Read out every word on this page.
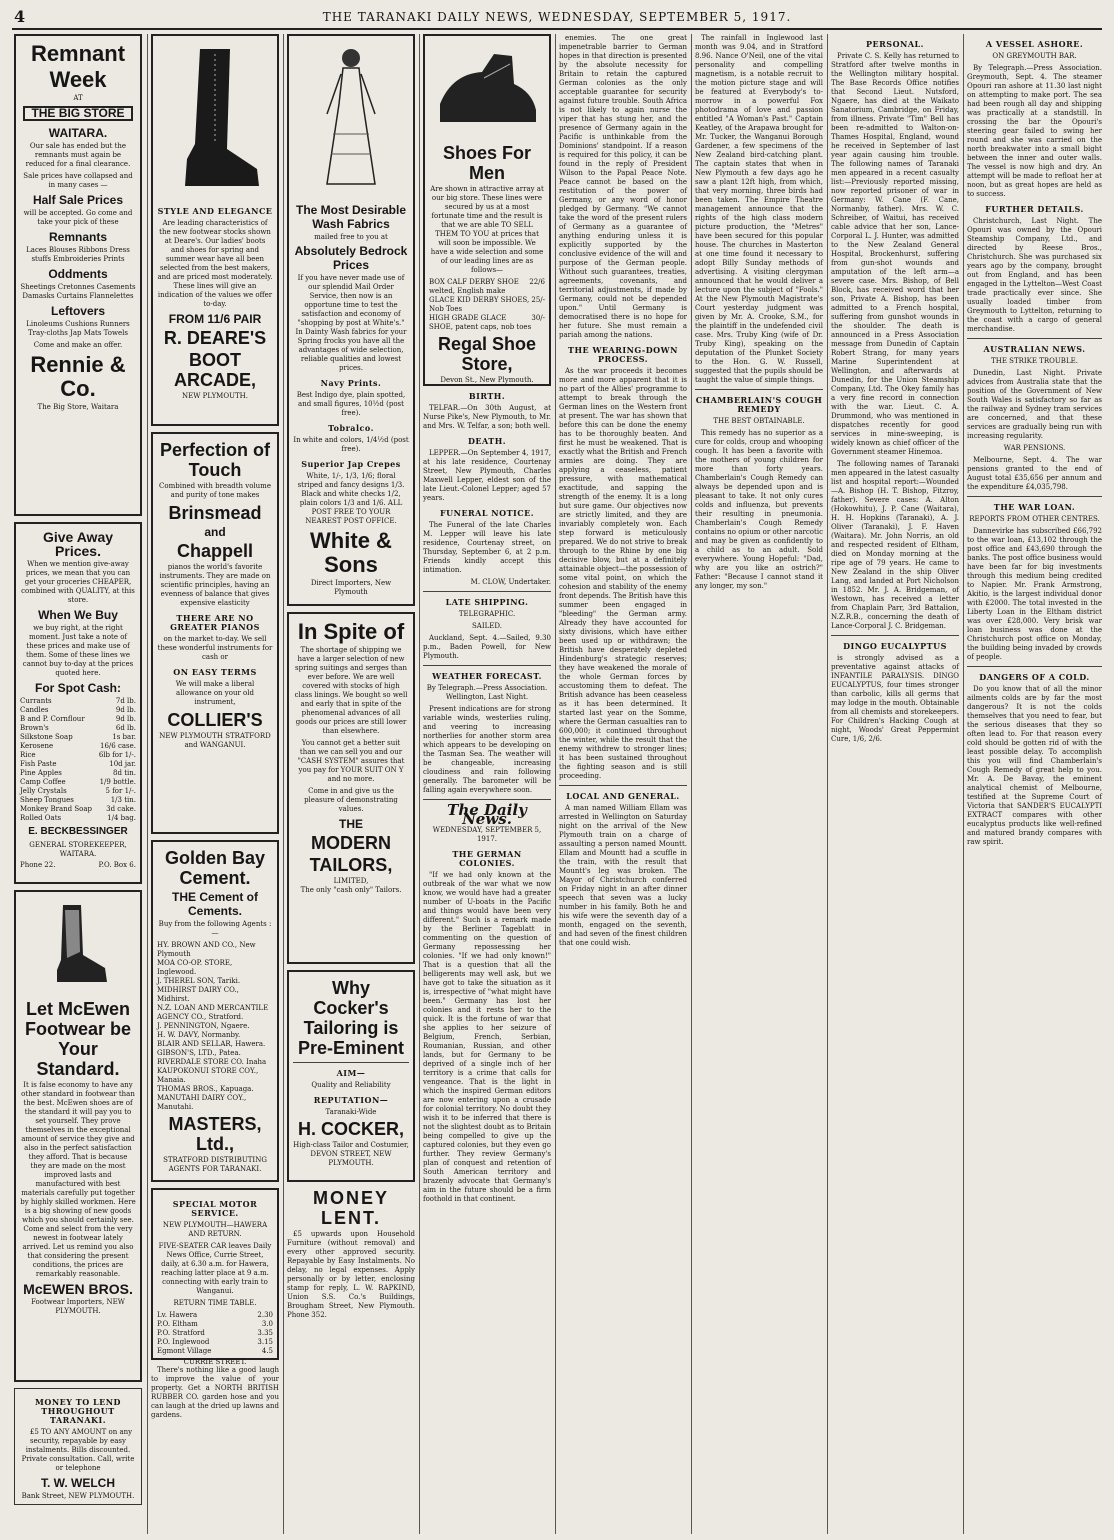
4	THE TARANAKI DAILY NEWS, WEDNESDAY, SEPTEMBER 5, 1917.
Remnant
Week
AT
THE BIG STORE
WAITARA.

Our sale has ended but the remnants must again be reduced for a final clearance.

Sale prices have collapsed and in many cases —

Half Sale Prices

will be accepted. Go come and take your pick of these

Remnants

Laces Blouses Ribbons Dress stuffs Embroideries Prints

Oddments

Sheetings Cretonnes Casements Damasks Curtains Flannelettes

Leftovers

Linoleums Cushions Runners Tray-cloths Jap Mats Towels

Come and make an offer.

Rennie & Co.
The Big Store, Waitara
Give Away Prices.

When we mention give-away prices, we mean that you can get your groceries CHEAPER, combined with QUALITY, at this store.

When We Buy

we buy right, at the right moment. Just take a note of these prices and make use of them. Some of these lines we cannot buy to-day at the prices quoted here.

For Spot Cash:
Currants	7d lb.
Candles	9d lb.
B and P. Cornflour	9d lb.
Brown's	6d lb.
Silkstone Soap	1s bar.
Kerosene	16/6 case.
Rice	6lb for 1/-.
Fish Paste	10d jar.
Pine Apples	8d tin.
Camp Coffee	1/9 bottle.
Jelly Crystals	5 for 1/-.
Sheep Tongues	1/3 tin.
Monkey Brand Soap 3d cake.
Rolled Oats	1/4 bag.
E. BECKBESSINGER
GENERAL STOREKEEPER, WAITARA.
Phone 22.	P.O. Box 6.
Let McEwen Footwear be Your Standard.

It is false economy to have any other standard in footwear than the best. McEwen shoes are of the standard it will pay you to set yourself. They prove themselves in the exceptional amount of service they give and also in the perfect satisfaction they afford. That is because they are made on the most improved lasts and manufactured with best materials carefully put together by highly skilled workmen. Here is a big showing of new goods which you should certainly see. Come and select from the very newest in footwear lately arrived. Let us remind you also that considering the present conditions, the prices are remarkably reasonable.

McEWEN BROS.
Footwear Importers, NEW PLYMOUTH.
MONEY TO LEND THROUGHOUT TARANAKI.

£5 TO ANY AMOUNT on any security, repayable by easy instalments. Bills discounted. Private consultation. Call, write or telephone

T. W. WELCH
Bank Street, NEW PLYMOUTH.
STYLE AND ELEGANCE

Are leading characteristics of the new footwear stocks shown at Deare's. Our ladies' boots and shoes for spring and summer wear have all been selected from the best makers, and are priced most moderately. These lines will give an indication of the values we offer to-day.

FROM 11/6 PAIR
R. DEARE'S
BOOT ARCADE,
NEW PLYMOUTH.
Perfection of Touch

Combined with breadth volume and purity of tone makes

Brinsmead
and
Chappell

pianos the world's favorite instruments. They are made on scientific principles, having an evenness of balance that gives expensive elasticity

THERE ARE NO GREATER PIANOS

on the market to-day. We sell these wonderful instruments for cash or

ON EASY TERMS

We will make a liberal allowance on your old instrument,

COLLIER'S
NEW PLYMOUTH STRATFORD and WANGANUI.
Golden Bay Cement.
THE Cement of Cements.

Buy from the following Agents :—

HY. BROWN AND CO., New Plymouth
MOA CO-OP. STORE, Inglewood.
J. THEREL SON, Tariki.
MIDHIRST DAIRY CO., Midhirst.
N.Z. LOAN AND MERCANTILE AGENCY CO., Stratford.
J. PENNINGTON, Ngaere.
H. W. DAVY, Normanby.
BLAIR AND SELLAR, Hawera.
GIBSON'S, LTD., Patea.
RIVERDALE STORE CO. Inaha
KAUPOKONUI STORE COY., Manaia.
THOMAS BROS., Kapuaga.
MANUTAHI DAIRY COY., Manutahi.
MASTERS, Ltd.,
STRATFORD DISTRIBUTING AGENTS FOR TARANAKI.
SPECIAL MOTOR SERVICE.
NEW PLYMOUTH—HAWERA AND RETURN.

FIVE-SEATER CAR leaves Daily News Office, Currie Street, daily, at 6.30 a.m. for Hawera, reaching latter place at 9 a.m. connecting with early train to Wanganui.

RETURN TIME TABLE.
Lv. Hawera	2.30
P.O. Eltham	3.0
P.O. Stratford	3.35
P.O. Inglewood	3.15
Egmont Village	4.5
CURRIE STREET.

There's nothing like a good laugh to improve the value of your property. Get a NORTH BRITISH RUBBER CO. garden hose and you can laugh at the dried up lawns and gardens.

The Most Desirable Wash Fabrics
mailed free to you at
Absolutely Bedrock Prices

If you have never made use of our splendid Mail Order Service, then now is an opportune time to test the satisfaction and economy of "shopping by post at White's." In Dainty Wash fabrics for your Spring frocks you have all the advantages of wide selection, reliable qualities and lowest prices.

Navy Prints.

Best Indigo dye, plain spotted, and small figures, 10½d (post free).

Tobralco.

In white and colors, 1/4½d (post free).

Superior Jap Crepes

White, 1/-, 1/3, 1/6; floral striped and fancy designs 1/3. Black and white checks 1/2, plain colors 1/3 and 1/6. ALL POST FREE TO YOUR NEAREST POST OFFICE.

White & Sons
Direct Importers, New Plymouth
In Spite of

The shortage of shipping we have a larger selection of new spring suitings and serges than ever before. We are well covered with stocks of high class linings. We bought so well and early that in spite of the phenomenal advances of all goods our prices are still lower than elsewhere.

You cannot get a better suit than we can sell you and our "CASH SYSTEM" assures that you pay for YOUR SUIT ON Y and no more.

Come in and give us the pleasure of demonstrating values.

THE
MODERN
TAILORS,
LIMITED,
The only "cash only" Tailors.
Why Cocker's Tailoring is Pre-Eminent
AIM—
Quality and Reliability
REPUTATION—
Taranaki-Wide
H. COCKER,
High-class Tailor and Costumier, DEVON STREET, NEW PLYMOUTH.
MONEY LENT.

£5 upwards upon Household Furniture (without removal) and every other approved security. Repayable by Easy Instalments. No delay, no legal expenses. Apply personally or by letter, enclosing stamp for reply, L. W. RAPKIND, Union S.S. Co.'s Buildings, Brougham Street, New Plymouth. Phone 352.

Shoes For Men

Are shown in attractive array at our big store. These lines were secured by us at a most fortunate time and the result is that we are able TO SELL THEM TO YOU at prices that will soon be impossible. We have a wide selection and some of our leading lines are as follows—

BOX CALF DERBY SHOE welted, English make
22/6
GLACE KID DERBY SHOES, Nob Toes
25/-
HIGH GRADE GLACE SHOE, patent caps, nob toes
30/-
Regal Shoe Store,
Devon St., New Plymouth.
BIRTH.

TELFAR.—On 30th August, at Nurse Pike's, New Plymouth, to Mr. and Mrs. W. Telfar, a son; both well.

DEATH.

LEPPER.—On September 4, 1917, at his late residence, Courtenay Street, New Plymouth, Charles Maxwell Lepper, eldest son of the late Lieut.-Colonel Lepper; aged 57 years.

FUNERAL NOTICE.

The Funeral of the late Charles M. Lepper will leave his late residence, Courtenay street, on Thursday, September 6, at 2 p.m. Friends kindly accept this intimation.

M. CLOW, Undertaker.
LATE SHIPPING.
TELEGRAPHIC.
SAILED.

Auckland, Sept. 4.—Sailed, 9.30 p.m., Baden Powell, for New Plymouth.

WEATHER FORECAST.
By Telegraph.—Press Association. Wellington, Last Night.

Present indications are for strong variable winds, westerlies ruling, and veering to increasing northerlies for another storm area which appears to be developing on the Tasman Sea. The weather will be changeable, increasing cloudiness and rain following generally. The barometer will be falling again everywhere soon.

The Daily News.
WEDNESDAY, SEPTEMBER 5, 1917.
THE GERMAN COLONIES.

"If we had only known at the outbreak of the war what we now know, we would have had a greater number of U-boats in the Pacific and things would have been very different." Such is a remark made by the Berliner Tageblatt in commenting on the question of Germany repossessing her colonies. "If we had only known!" That is a question that all the belligerents may well ask, but we have got to take the situation as it is, irrespective of "what might have been." Germany has lost her colonies and it rests her to the quick. It is the fortune of war that she applies to her seizure of Belgium, French, Serbian, Roumanian, Russian, and other lands, but for Germany to be deprived of a single inch of her territory is a crime that calls for vengeance. That is the light in which the inspired German editors are now entering upon a crusade for colonial territory. No doubt they wish it to be inferred that there is not the slightest doubt as to Britain being compelled to give up the captured colonies, but they even go further. They review Germany's plan of conquest and retention of South American territory and brazenly advocate that Germany's aim in the future should be a firm foothold in that continent.

enemies. The one great impenetrable barrier to German hopes in that direction is presented by the absolute necessity for Britain to retain the captured German colonies as the only acceptable guarantee for security against future trouble. South Africa is not likely to again nurse the viper that has stung her, and the presence of Germany again in the Pacific is unthinkable from the Dominions' standpoint. If a reason is required for this policy, it can be found in the reply of President Wilson to the Papal Peace Note. Peace cannot be based on the restitution of the power of Germany, or any word of honor pledged by Germany. "We cannot take the word of the present rulers of Germany as a guarantee of anything enduring unless it is explicitly supported by the conclusive evidence of the will and purpose of the German people. Without such guarantees, treaties, agreements, covenants, and territorial adjustments, if made by Germany, could not be depended upon." Until Germany is democratised there is no hope for her future. She must remain a pariah among the nations.

THE WEARING-DOWN PROCESS.

As the war proceeds it becomes more and more apparent that it is no part of the Allies' programme to attempt to break through the German lines on the Western front at present. The war has shown that before this can be done the enemy has to be thoroughly beaten. And first he must be weakened. That is exactly what the British and French armies are doing. They are applying a ceaseless, patient pressure, with mathematical exactitude, and sapping the strength of the enemy. It is a long but sure game. Our objectives now are strictly limited, and they are invariably completely won. Each step forward is meticulously prepared. We do not strive to break through to the Rhine by one big decisive blow, but at a definitely attainable object—the possession of some vital point, on which the cohesion and stability of the enemy front depends. The British have this summer been engaged in "bleeding" the German army. Already they have accounted for sixty divisions, which have either been used up or withdrawn; the British have desperately depleted Hindenburg's strategic reserves; they have weakened the morale of the whole German forces by accustoming them to defeat. The British advance has been ceaseless as it has been determined. It started last year on the Somme, where the German casualties ran to 600,000; it continued throughout the winter, while the result that the enemy withdrew to stronger lines; it has been sustained throughout the fighting season and is still proceeding.

LOCAL AND GENERAL.

A man named William Ellam was arrested in Wellington on Saturday night on the arrival of the New Plymouth train on a charge of assaulting a person named Mountt. Ellam and Mountt had a scuffle in the train, with the result that Mountt's leg was broken. The Mayor of Christchurch conferred on Friday night in an after dinner speech that seven was a lucky number in his family. Both he and his wife were the seventh day of a month, engaged on the seventh, and had seven of the finest children that one could wish.

The rainfall in Inglewood last month was 9.04, and in Stratford 8.96. Nance O'Neil, one of the vital personality and compelling magnetism, is a notable recruit to the motion picture stage and will be featured at Everybody's to-morrow in a powerful Fox photodrama of love and passion entitled "A Woman's Past." Captain Keatley, of the Arapawa brought for Mr. Tucker, the Wanganui Borough Gardener, a few specimens of the New Zealand bird-catching plant. The captain states that when in New Plymouth a few days ago he saw a plant 12ft high, from which, that very morning, three birds had been taken. The Empire Theatre management announce that the rights of the high class modern picture production, the "Metres" have been secured for this popular house. The churches in Masterton at one time found it necessary to adopt Billy Sunday methods of advertising. A visiting clergyman announced that he would deliver a lecture upon the subject of "Fools." At the New Plymouth Magistrate's Court yesterday judgment was given by Mr. A. Crooke, S.M., for the plaintiff in the undefended civil case. Mrs. Truby King (wife of Dr. Truby King), speaking on the deputation of the Plunket Society to the Hon. G. W. Russell, suggested that the pupils should be taught the value of simple things.

CHAMBERLAIN'S COUGH REMEDY
THE BEST OBTAINABLE.

This remedy has no superior as a cure for colds, croup and whooping cough. It has been a favorite with the mothers of young children for more than forty years. Chamberlain's Cough Remedy can always be depended upon and is pleasant to take. It not only cures colds and influenza, but prevents their resulting in pneumonia. Chamberlain's Cough Remedy contains no opium or other narcotic and may be given as confidently to a child as to an adult. Sold everywhere. Young Hopeful: "Dad, why are you like an ostrich?" Father: "Because I cannot stand it any longer, my son."

PERSONAL.

Private C. S. Kelly has returned to Stratford after twelve months in the Wellington military hospital. The Base Records Office notifies that Second Lieut. Nutsford, Ngaere, has died at the Waikato Sanatorium, Cambridge, on Friday, from illness. Private "Tim" Bell has been re-admitted to Walton-on-Thames Hospital, England, wound he received in September of last year again causing him trouble. The following names of Taranaki men appeared in a recent casualty list:—Previously reported missing, now reported prisoner of war in Germany: W. Cane (F. Cane, Normanby, father). Mrs. W. C. Schreiber, of Waitui, has received cable advice that her son, Lance-Corporal L. J. Hunter, was admitted to the New Zealand General Hospital, Brockenhurst, suffering from gun-shot wounds and amputation of the left arm—a severe case. Mrs. Bishop, of Bell Block, has received word that her son, Private A. Bishop, has been admitted to a French hospital, suffering from gunshot wounds in the shoulder. The death is announced in a Press Association message from Dunedin of Captain Robert Strang, for many years Marine Superintendent at Wellington, and afterwards at Dunedin, for the Union Steamship Company, Ltd. The Okey family has a very fine record in connection with the war. Lieut. C. A. Drummond, who was mentioned in dispatches recently for good services in mine-sweeping, is widely known as chief officer of the Government steamer Hinemoa.

The following names of Taranaki men appeared in the latest casualty list and hospital report:—Wounded—A. Bishop (H. T. Bishop, Fitzroy, father). Severe cases: A. Alton (Hokowhitu), J. P. Cane (Waitara), H. H. Hopkins (Taranaki), A. J. Oliver (Taranaki), J. F. Haven (Waitara). Mr. John Norris, an old and respected resident of Eltham, died on Monday morning at the ripe age of 79 years. He came to New Zealand in the ship Oliver Lang, and landed at Port Nicholson in 1852. Mr. J. A. Bridgeman, of Westown, has received a letter from Chaplain Parr, 3rd Battalion, N.Z.R.B., concerning the death of Lance-Corporal J. C. Bridgeman.

DINGO EUCALYPTUS

is strongly advised as a preventative against attacks of INFANTILE PARALYSIS. DINGO EUCALYPTUS, four times stronger than carbolic, kills all germs that may lodge in the mouth. Obtainable from all chemists and storekeepers. For Children's Hacking Cough at night, Woods' Great Peppermint Cure, 1/6, 2/6.

A VESSEL ASHORE.
ON GREYMOUTH BAR.

By Telegraph.—Press Association. Greymouth, Sept. 4. The steamer Opouri ran ashore at 11.30 last night on attempting to make port. The sea had been rough all day and shipping was practically at a standstill. In crossing the bar the Opouri's steering gear failed to swing her round and she was carried on the north breakwater into a small bight between the inner and outer walls. The vessel is now high and dry. An attempt will be made to refloat her at noon, but as great hopes are held as to success.

FURTHER DETAILS.

Christchurch, Last Night. The Opouri was owned by the Opouri Steamship Company, Ltd., and directed by Reese Bros., Christchurch. She was purchased six years ago by the company, brought out from England, and has been engaged in the Lyttelton—West Coast trade practically ever since. She usually loaded timber from Greymouth to Lyttelton, returning to the coast with a cargo of general merchandise.

AUSTRALIAN NEWS.
THE STRIKE TROUBLE.

Dunedin, Last Night. Private advices from Australia state that the position of the Government of New South Wales is satisfactory so far as the railway and Sydney tram services are concerned, and that these services are gradually being run with increasing regularity.

WAR PENSIONS.

Melbourne, Sept. 4. The war pensions granted to the end of August total £35,656 per annum and the expenditure £4,035,798.

THE WAR LOAN.
REPORTS FROM OTHER CENTRES.

Dannevirke has subscribed £66,792 to the war loan, £13,102 through the post office and £43,690 through the banks. The post office business would have been far for big investments through this medium being credited to Napier. Mr. Frank Armstrong, Akitio, is the largest individual donor with £2000. The total invested in the Liberty Loan in the Eltham district was over £28,000. Very brisk war loan business was done at the Christchurch post office on Monday, the building being invaded by crowds of people.

DANGERS OF A COLD.

Do you know that of all the minor ailments colds are by far the most dangerous? It is not the colds themselves that you need to fear, but the serious diseases that they so often lead to. For that reason every cold should be gotten rid of with the least possible delay. To accomplish this you will find Chamberlain's Cough Remedy of great help to you. Mr. A. De Bavay, the eminent analytical chemist of Melbourne, testified at the Supreme Court of Victoria that SANDER'S EUCALYPTI EXTRACT compares with other eucalyptus products like well-refined and matured brandy compares with raw spirit.
